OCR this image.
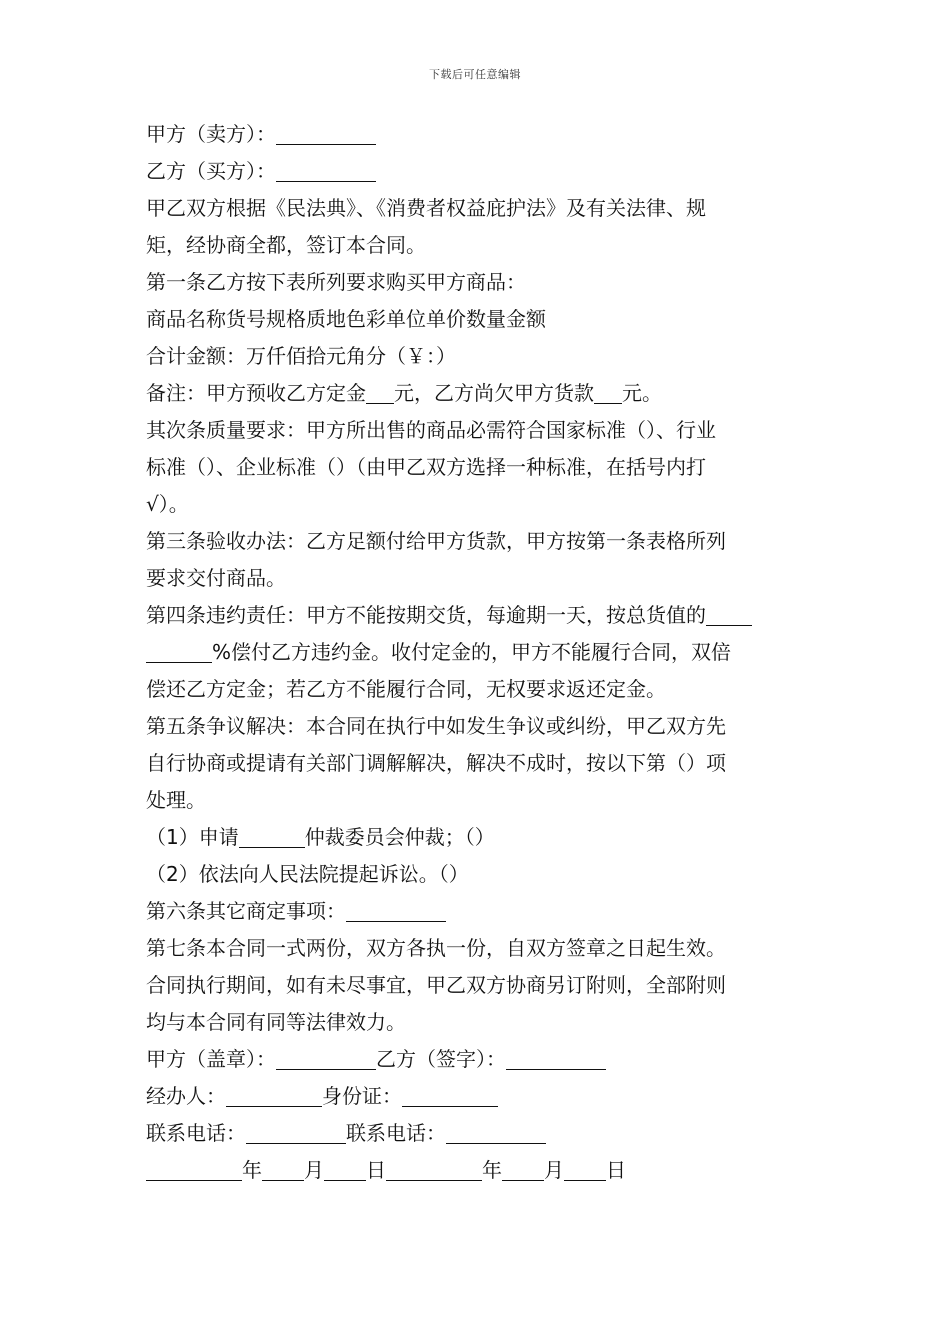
下载后可任意编辑
甲方（卖方）：
乙方（买方）：
甲乙双方根据《民法典》、《消费者权益庇护法》及有关法律、规
矩，经协商全都，签订本合同。
第一条乙方按下表所列要求购买甲方商品：
商品名称货号规格质地色彩单位单价数量金额
合计金额：万仟佰拾元角分（￥：）
备注：甲方预收乙方定金 元，乙方尚欠甲方货款 元。
其次条质量要求：甲方所出售的商品必需符合国家标准（）、行业
标准（）、企业标准（）（由甲乙双方选择一种标准，在括号内打
√）。
第三条验收办法：乙方足额付给甲方货款，甲方按第一条表格所列
要求交付商品。
第四条违约责任：甲方不能按期交货，每逾期一天，按总货值的
%偿付乙方违约金。收付定金的，甲方不能履行合同，双倍
偿还乙方定金；若乙方不能履行合同，无权要求返还定金。
第五条争议解决：本合同在执行中如发生争议或纠纷，甲乙双方先
自行协商或提请有关部门调解解决，解决不成时，按以下第（）项
处理。
（1）申请	仲裁委员会仲裁；（）
（2）依法向人民法院提起诉讼。（）
第六条其它商定事项：
第七条本合同一式两份，双方各执一份，自双方签章之日起生效。
合同执行期间，如有未尽事宜，甲乙双方协商另订附则，全部附则
均与本合同有同等法律效力。
甲方（盖章）：	乙方（签字）：
经办人：	身份证：
联系电话：	联系电话：
年 月 日	年 月 日
